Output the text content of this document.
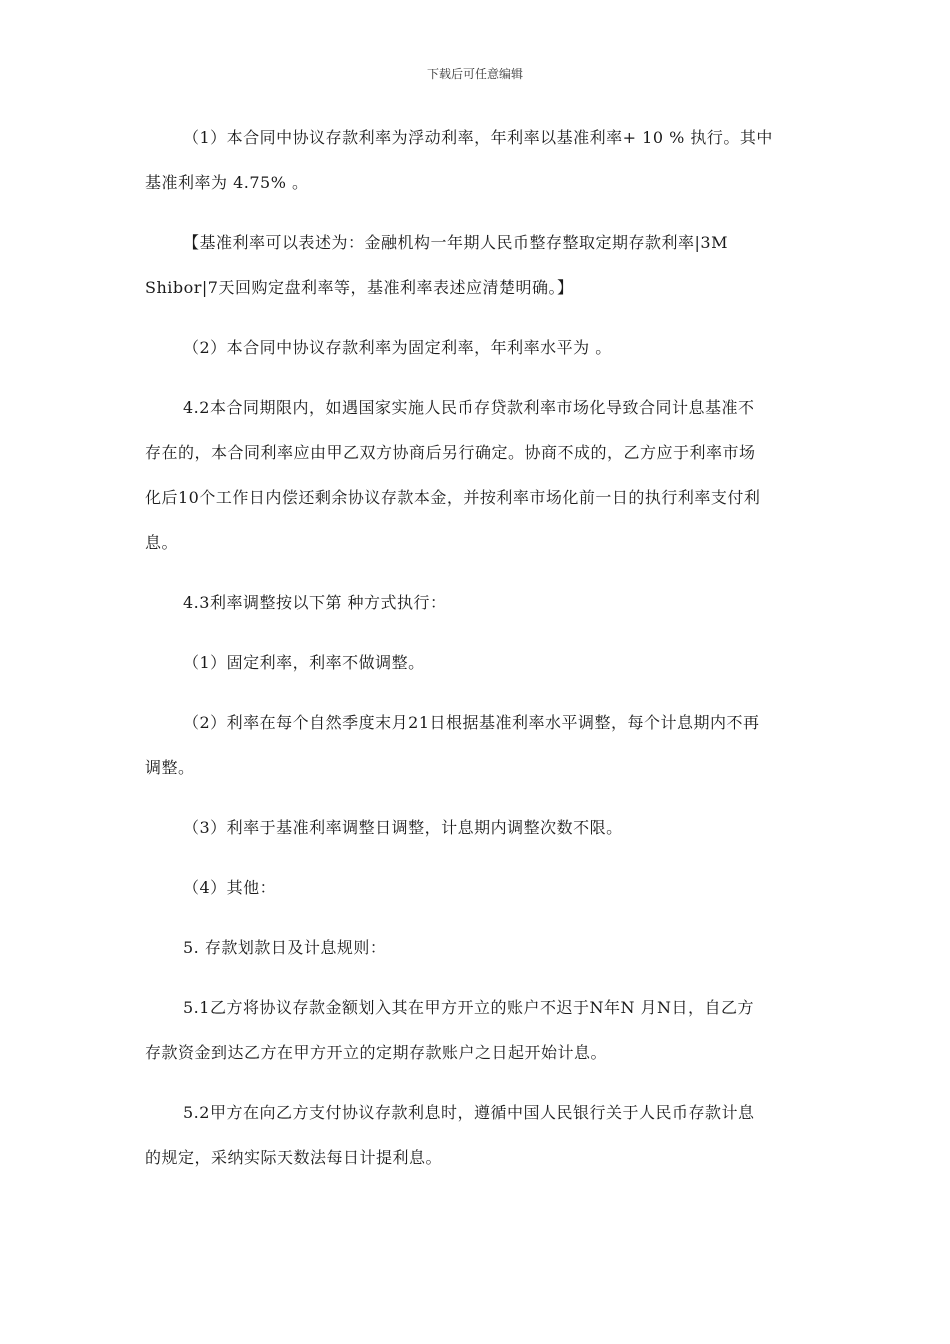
下载后可任意编辑

（1）本合同中协议存款利率为浮动利率，年利率以基准利率+ 10 % 执行。其中
基准利率为 4.75% 。

【基准利率可以表述为：金融机构一年期人民币整存整取定期存款利率|3M
Shibor|7天回购定盘利率等，基准利率表述应清楚明确。】

（2）本合同中协议存款利率为固定利率，年利率水平为 。

4.2本合同期限内，如遇国家实施人民币存贷款利率市场化导致合同计息基准不
存在的，本合同利率应由甲乙双方协商后另行确定。协商不成的，乙方应于利率市场
化后10个工作日内偿还剩余协议存款本金，并按利率市场化前一日的执行利率支付利
息。

4.3利率调整按以下第 种方式执行：

（1）固定利率，利率不做调整。

（2）利率在每个自然季度末月21日根据基准利率水平调整，每个计息期内不再
调整。

（3）利率于基准利率调整日调整，计息期内调整次数不限。

（4）其他：

5. 存款划款日及计息规则：

5.1乙方将协议存款金额划入其在甲方开立的账户不迟于N年N 月N日，自乙方
存款资金到达乙方在甲方开立的定期存款账户之日起开始计息。

5.2甲方在向乙方支付协议存款利息时，遵循中国人民银行关于人民币存款计息
的规定，采纳实际天数法每日计提利息。
